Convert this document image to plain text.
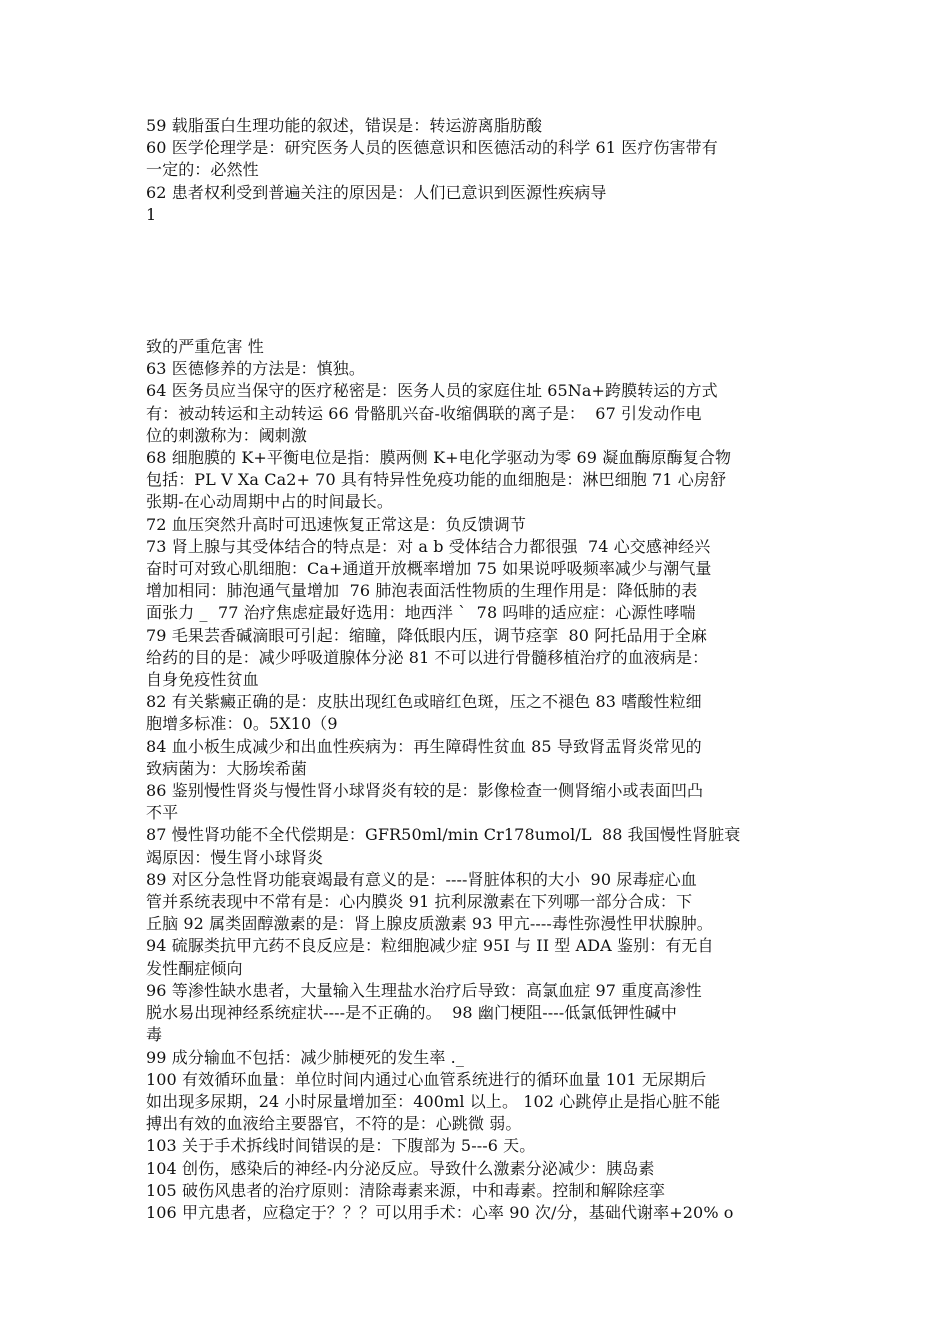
59 载脂蛋白生理功能的叙述，错误是：转运游离脂肪酸
60 医学伦理学是：研究医务人员的医德意识和医德活动的科学 61 医疗伤害带有
一定的：必然性
62 患者权利受到普遍关注的原因是：人们已意识到医源性疾病导
1
致的严重危害 性
63 医德修养的方法是：慎独。
64 医务员应当保守的医疗秘密是：医务人员的家庭住址 65Na+跨膜转运的方式
有：被动转运和主动转运 66 骨骼肌兴奋-收缩偶联的离子是：  67 引发动作电
位的刺激称为：阈刺激
68 细胞膜的 K+平衡电位是指：膜两侧 K+电化学驱动为零 69 凝血酶原酶复合物
包括：PL V Xa Ca2+ 70 具有特异性免疫功能的血细胞是：淋巴细胞 71 心房舒
张期-在心动周期中占的时间最长。
72 血压突然升高时可迅速恢复正常这是：负反馈调节
73 肾上腺与其受体结合的特点是：对 a b 受体结合力都很强  74 心交感神经兴
奋时可对致心肌细胞：Ca+通道开放概率增加 75 如果说呼吸频率减少与潮气量
增加相同：肺泡通气量增加  76 肺泡表面活性物质的生理作用是：降低肺的表
面张力 _  77 治疗焦虑症最好选用：地西泮 `  78 吗啡的适应症：心源性哮喘
79 毛果芸香碱滴眼可引起：缩瞳，降低眼内压，调节痉挛  80 阿托品用于全麻
给药的目的是：减少呼吸道腺体分泌 81 不可以进行骨髓移植治疗的血液病是：
自身免疫性贫血
82 有关紫癜正确的是：皮肤出现红色或暗红色斑，压之不褪色 83 嗜酸性粒细
胞增多标准：0。5X10（9
84 血小板生成减少和出血性疾病为：再生障碍性贫血 85 导致肾盂肾炎常见的
致病菌为：大肠埃希菌
86 鉴别慢性肾炎与慢性肾小球肾炎有较的是：影像检查一侧肾缩小或表面凹凸
不平
87 慢性肾功能不全代偿期是：GFR50ml/min Cr178umol/L  88 我国慢性肾脏衰
竭原因：慢生肾小球肾炎
89 对区分急性肾功能衰竭最有意义的是：----肾脏体积的大小  90 尿毒症心血
管并系统表现中不常有是：心内膜炎 91 抗利尿激素在下列哪一部分合成：下
丘脑 92 属类固醇激素的是：肾上腺皮质激素 93 甲亢----毒性弥漫性甲状腺肿。
94 硫脲类抗甲亢药不良反应是：粒细胞减少症 95I 与 II 型 ADA 鉴别：有无自
发性酮症倾向
96 等渗性缺水患者，大量输入生理盐水治疗后导致：高氯血症 97 重度高渗性
脱水易出现神经系统症状----是不正确的。  98 幽门梗阻----低氯低钾性碱中
毒
99 成分输血不包括：减少肺梗死的发生率 ._
100 有效循环血量：单位时间内通过心血管系统进行的循环血量 101 无尿期后
如出现多尿期，24 小时尿量增加至：400ml 以上。 102 心跳停止是指心脏不能
搏出有效的血液给主要器官，不符的是：心跳微 弱。
103 关于手术拆线时间错误的是：下腹部为 5---6 天。
104 创伤，感染后的神经-内分泌反应。导致什么激素分泌减少：胰岛素
105 破伤风患者的治疗原则：清除毒素来源，中和毒素。控制和解除痉挛
106 甲亢患者，应稳定于？？？可以用手术：心率 90 次/分，基础代谢率+20% o
